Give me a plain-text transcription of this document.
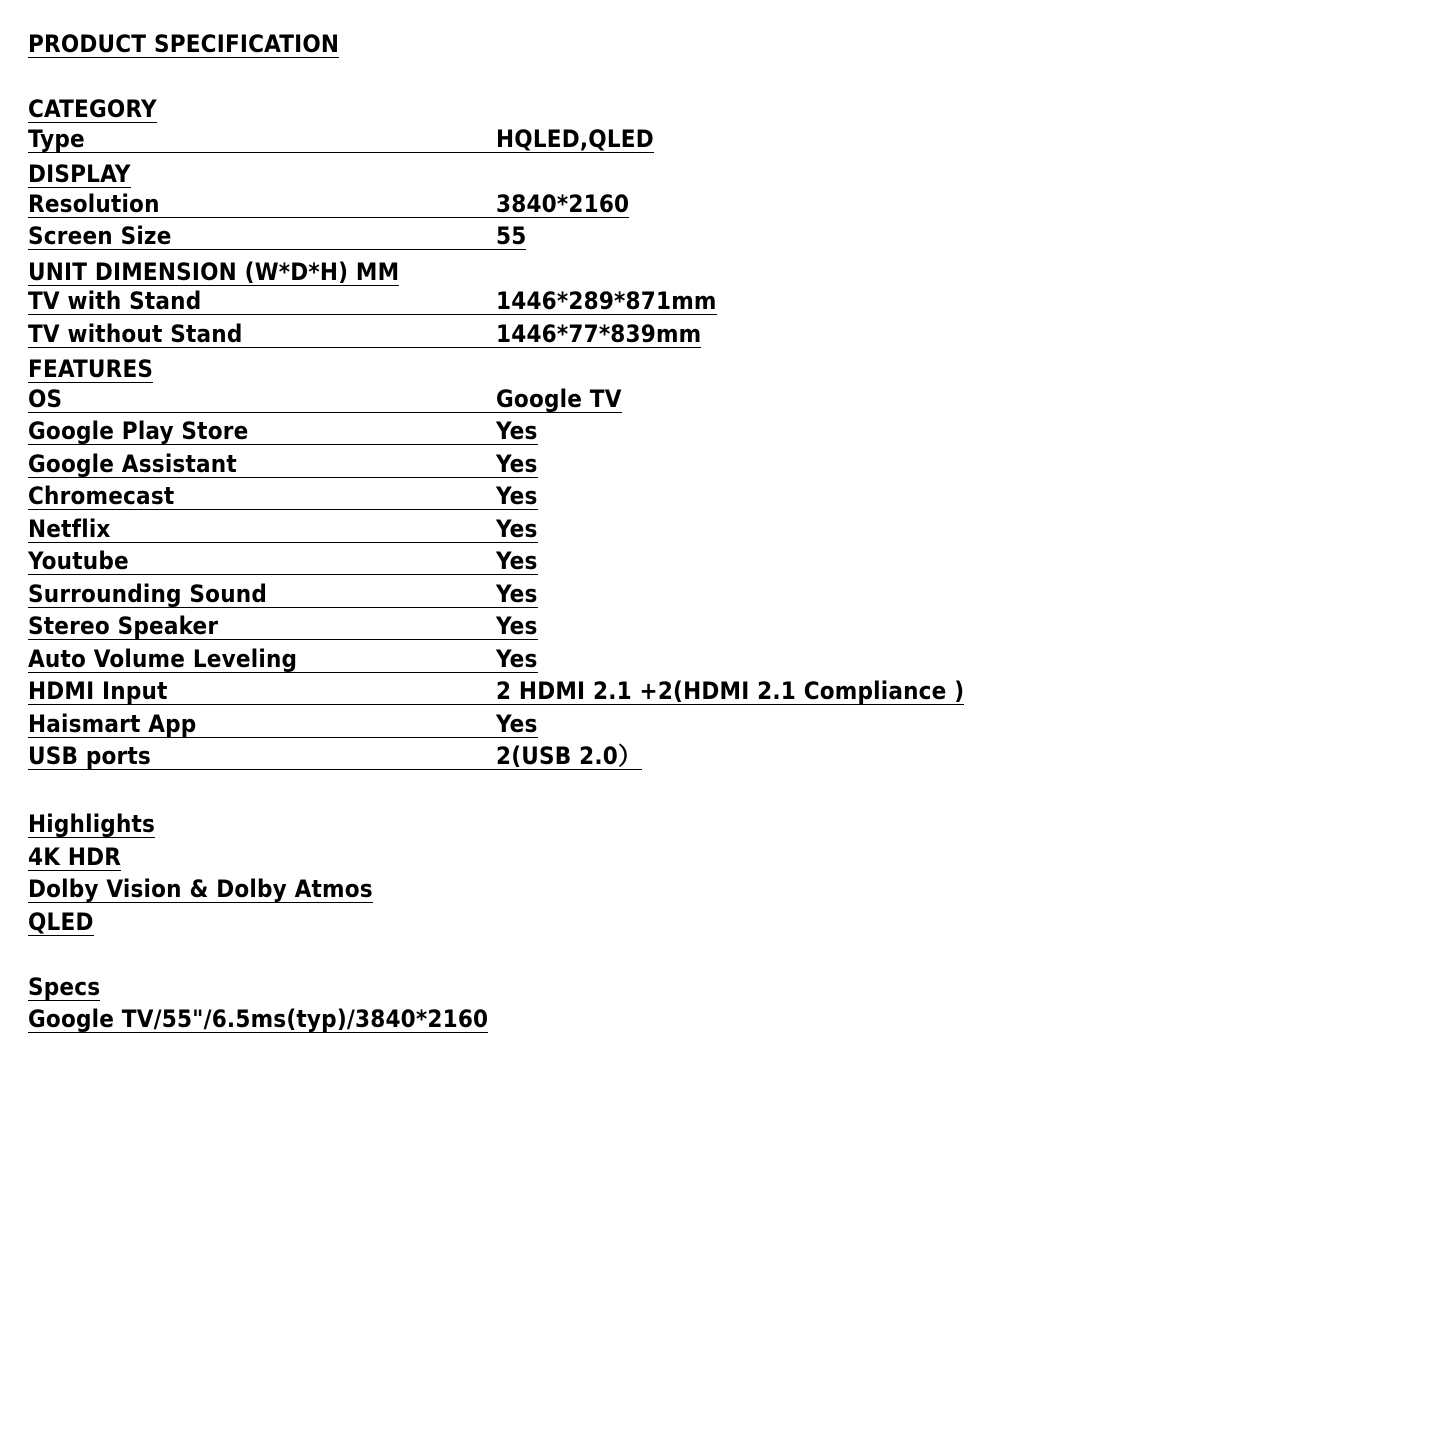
PRODUCT SPECIFICATION
CATEGORY
Type	HQLED,QLED
DISPLAY
Resolution	3840*2160
Screen Size	55
UNIT DIMENSION (W*D*H) MM
TV with Stand	1446*289*871mm
TV without Stand	1446*77*839mm
FEATURES
OS	Google TV
Google Play Store	Yes
Google Assistant	Yes
Chromecast	Yes
Netflix	Yes
Youtube	Yes
Surrounding Sound	Yes
Stereo Speaker	Yes
Auto Volume Leveling	Yes
HDMI Input	2 HDMI 2.1 +2(HDMI 2.1 Compliance )
Haismart App	Yes
USB ports	2(USB 2.0）
Highlights
4K HDR
Dolby Vision & Dolby Atmos
QLED
Specs
Google TV/55"/6.5ms(typ)/3840*2160
